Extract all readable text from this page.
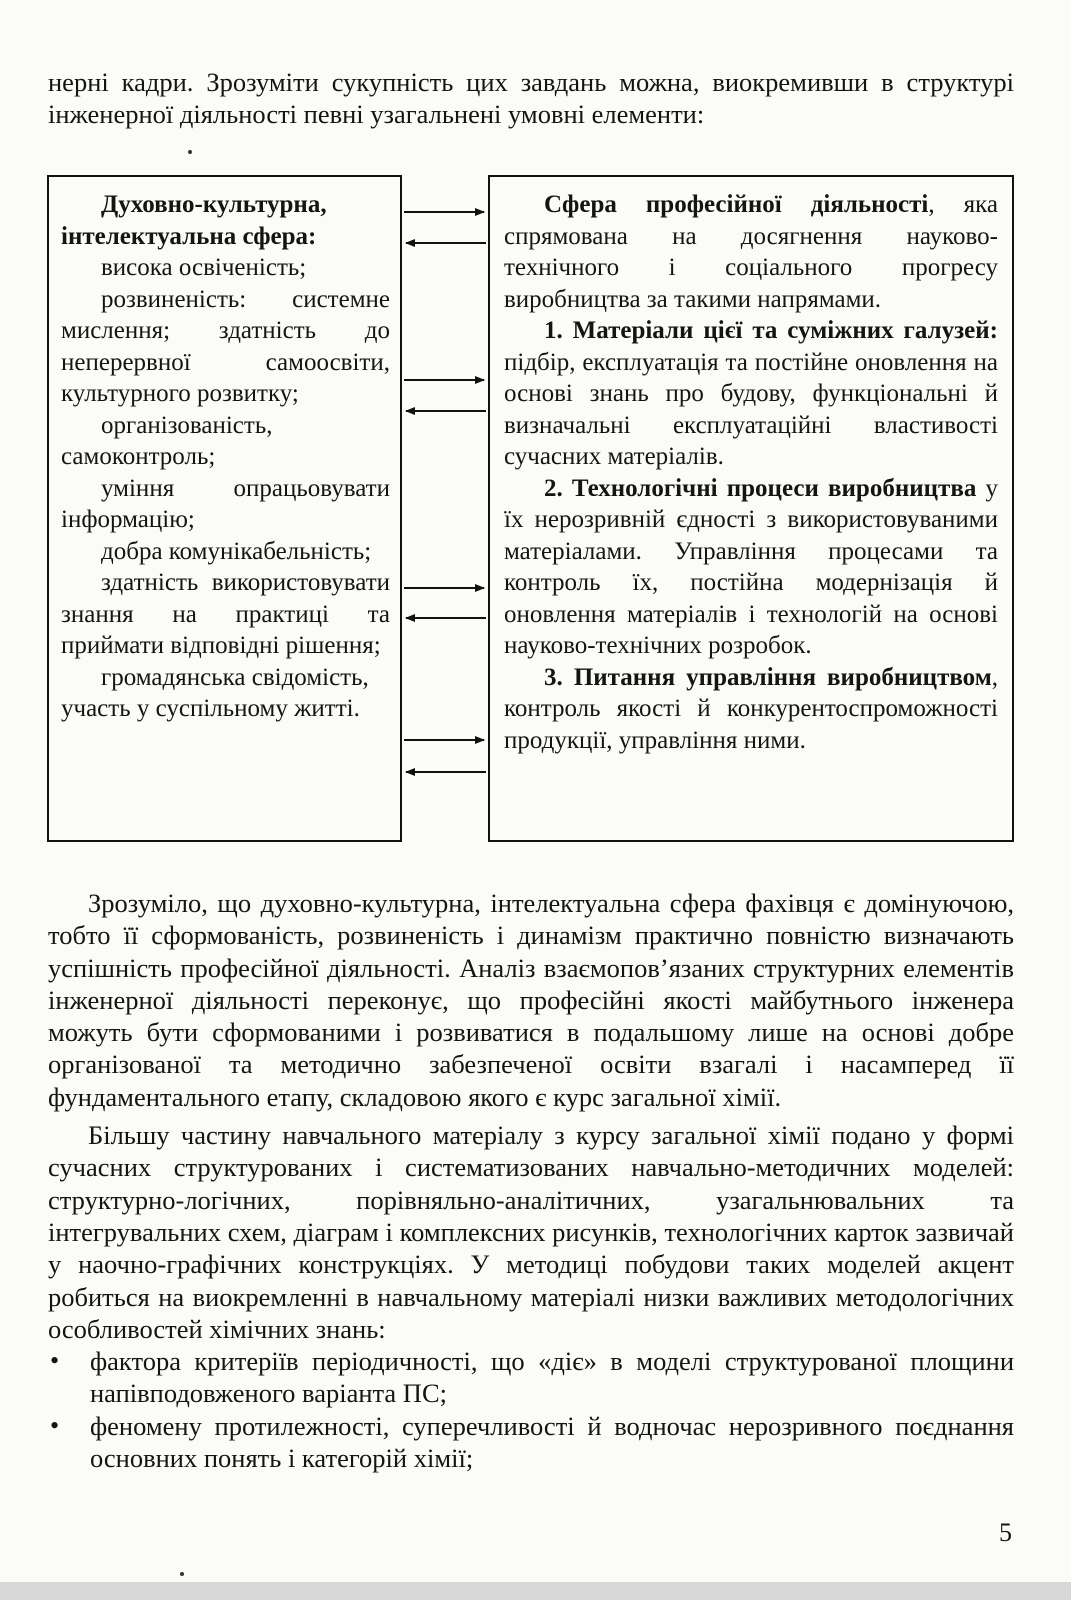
нерні кадри. Зрозуміти сукупність цих завдань можна, виокремивши в структурі інженерної діяльності певні узагальнені умовні елементи:

Духовно-культурна, інтелектуальна сфера:

висока освіченість;

розвиненість: системне мислення; здатність до неперервної самоосвіти, культурного розвитку;

організованість, самоконтроль;

уміння опрацьовувати інформацію;

добра комунікабельність;

здатність використовувати знання на практиці та приймати відповідні рішення;

громадянська свідомість, участь у суспільному житті.

Сфера професійної діяльності, яка спрямована на досягнення науково-технічного і соціального прогресу виробництва за такими напрямами.

1. Матеріали цієї та суміжних галузей: підбір, експлуатація та постійне оновлення на основі знань про будову, функціональні й визначальні експлуатаційні властивості сучасних матеріалів.

2. Технологічні процеси виробництва у їх нерозривній єдності з використовуваними матеріалами. Управління процесами та контроль їх, постійна модернізація й оновлення матеріалів і технологій на основі науково-технічних розробок.

3. Питання управління виробництвом, контроль якості й конкурентоспроможності продукції, управління ними.

Зрозуміло, що духовно-культурна, інтелектуальна сфера фахівця є домінуючою, тобто її сформованість, розвиненість і динамізм практично повністю визначають успішність професійної діяльності. Аналіз взаємопов’язаних структурних елементів інженерної діяльності переконує, що професійні якості майбутнього інженера можуть бути сформованими і розвиватися в подальшому лише на основі добре організованої та методично забезпеченої освіти взагалі і насамперед її фундаментального етапу, складовою якого є курс загальної хімії.

Більшу частину навчального матеріалу з курсу загальної хімії подано у формі сучасних структурованих і систематизованих навчально-методичних моделей: структурно-логічних, порівняльно-аналітичних, узагальнювальних та інтегрувальних схем, діаграм і комплексних рисунків, технологічних карток зазвичай у наочно-графічних конструкціях. У методиці побудови таких моделей акцент робиться на виокремленні в навчальному матеріалі низки важливих методологічних особливостей хімічних знань:

• фактора критеріїв періодичності, що «діє» в моделі структурованої площини напівподовженого варіанта ПС;
• феномену протилежності, суперечливості й водночас нерозривного поєднання основних понять і категорій хімії;
5
